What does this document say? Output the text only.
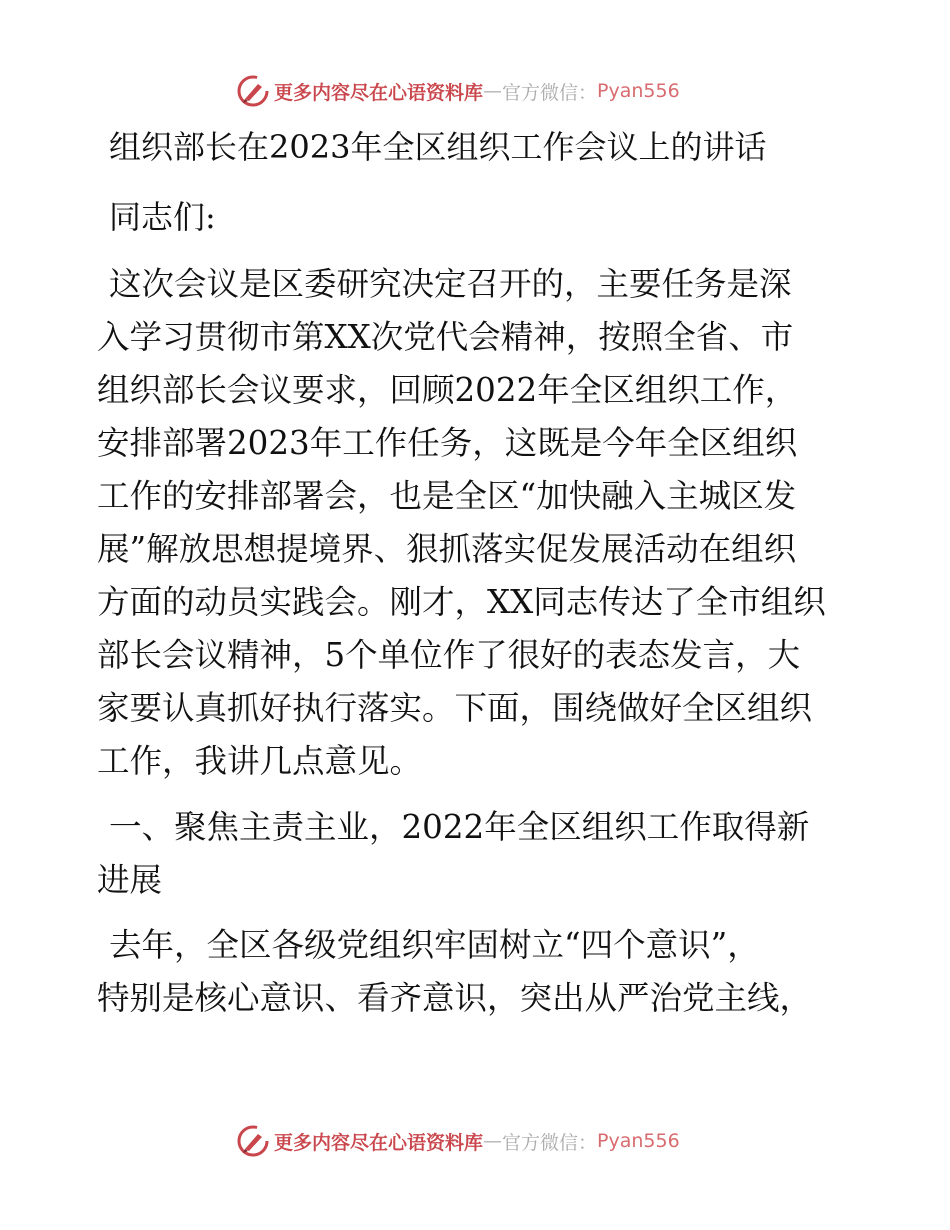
更多内容尽在心语资料库 — 官方微信： Pyan556
组织部长在2023年全区组织工作会议上的讲话
同志们:
这次会议是区委研究决定召开的，主要任务是深
入学习贯彻市第XX次党代会精神，按照全省、市
组织部长会议要求，回顾2022年全区组织工作，
安排部署2023年工作任务，这既是今年全区组织
工作的安排部署会，也是全区“加快融入主城区发
展”解放思想提境界、狠抓落实促发展活动在组织
方面的动员实践会。刚才，XX同志传达了全市组织
部长会议精神，5个单位作了很好的表态发言，大
家要认真抓好执行落实。下面，围绕做好全区组织
工作，我讲几点意见。
一、聚焦主责主业，2022年全区组织工作取得新
进展
去年，全区各级党组织牢固树立“四个意识”，
特别是核心意识、看齐意识，突出从严治党主线，
更多内容尽在心语资料库 — 官方微信： Pyan556
